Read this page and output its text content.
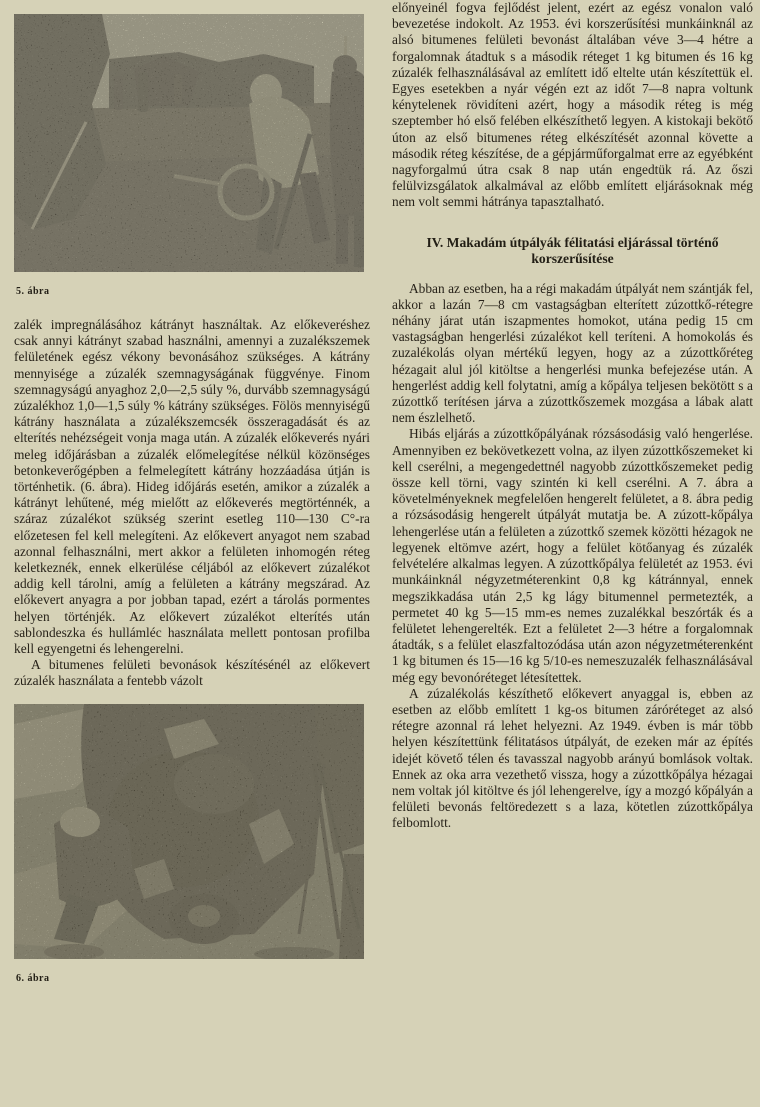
5. ábra

zalék impregnálásához kátrányt használtak. Az előkeveréshez csak annyi kátrányt szabad használni, amennyi a zuzalékszemek felületének egész vékony bevonásához szükséges. A kátrány mennyisége a zúzalék szemnagyságának függvénye. Finom szemnagyságú anyaghoz 2,0—2,5 súly %, durvább szemnagyságú zúzalékhoz 1,0—1,5 súly % kátrány szükséges. Fölös mennyiségű kátrány használata a zúzalékszemcsék összeragadását és az elterítés nehézségeit vonja maga után. A zúzalék előkeverés nyári meleg időjárásban a zúzalék előmelegítése nélkül közönséges betonkeverőgépben a felmelegített kátrány hozzáadása útján is történhetik. (6. ábra). Hideg időjárás esetén, amikor a zúzalék a kátrányt lehűtené, még mielőtt az előkeverés megtörténnék, a száraz zúzalékot szükség szerint esetleg 110—130 C°-ra előzetesen fel kell melegíteni. Az előkevert anyagot nem szabad azonnal felhasználni, mert akkor a felületen inhomogén réteg keletkeznék, ennek elkerülése céljából az előkevert zúzalékot addig kell tárolni, amíg a felületen a kátrány megszárad. Az előkevert anyagra a por jobban tapad, ezért a tárolás pormentes helyen történjék. Az előkevert zúzalékot elterítés után sablondeszka és hullámléc használata mellett pontosan profilba kell egyengetni és lehengerelni.

A bitumenes felületi bevonások készítésénél az előkevert zúzalék használata a fentebb vázolt

6. ábra

előnyeinél fogva fejlődést jelent, ezért az egész vonalon való bevezetése indokolt. Az 1953. évi korszerűsítési munkáinknál az alsó bitumenes felületi bevonást általában véve 3—4 hétre a forgalomnak átadtuk s a második réteget 1 kg bitumen és 16 kg zúzalék felhasználásával az említett idő eltelte után készítettük el. Egyes esetekben a nyár végén ezt az időt 7—8 napra voltunk kénytelenek rövidíteni azért, hogy a második réteg is még szeptember hó első felében elkészíthető legyen. A kistokaji bekötő úton az első bitumenes réteg elkészítését azonnal követte a második réteg készítése, de a gépjárműforgalmat erre az egyébként nagyforgalmú útra csak 8 nap után engedtük rá. Az őszi felülvizsgálatok alkalmával az előbb említett eljárásoknak még nem volt semmi hátránya tapasztalható.

IV. Makadám útpályák félitatási eljárással történő korszerűsítése

Abban az esetben, ha a régi makadám útpályát nem szántják fel, akkor a lazán 7—8 cm vastagságban elterített zúzottkő-rétegre néhány járat után iszapmentes homokot, utána pedig 15 cm vastagságban hengerlési zúzalékot kell teríteni. A homokolás és zuzalékolás olyan mértékű legyen, hogy az a zúzottkőréteg hézagait alul jól kitöltse a hengerlési munka befejezése után. A hengerlést addig kell folytatni, amíg a kőpálya teljesen bekötött s a zúzottkő terítésen járva a zúzottkőszemek mozgása a lábak alatt nem észlelhető.

Hibás eljárás a zúzottkőpályának rózsásodásig való hengerlése. Amennyiben ez bekövetkezett volna, az ilyen zúzottkőszemeket ki kell cserélni, a megengedettnél nagyobb zúzottkőszemeket pedig össze kell törni, vagy szintén ki kell cserélni. A 7. ábra a követelményeknek megfelelően hengerelt felületet, a 8. ábra pedig a rózsásodásig hengerelt útpályát mutatja be. A zúzott-kőpálya lehengerlése után a felületen a zúzottkő szemek közötti hézagok ne legyenek eltömve azért, hogy a felület kötőanyag és zúzalék felvételére alkalmas legyen. A zúzottkőpálya felületét az 1953. évi munkáinknál négyzetméterenkint 0,8 kg kátránnyal, ennek megszikkadása után 2,5 kg lágy bitumennel permetezték, a permetet 40 kg 5—15 mm-es nemes zuzalékkal beszórták és a felületet lehengerelték. Ezt a felületet 2—3 hétre a forgalomnak átadták, s a felület elaszfaltozódása után azon négyzetméterenként 1 kg bitumen és 15—16 kg 5/10-es nemeszuzalék felhasználásával még egy bevonóréteget létesítettek.

A zúzalékolás készíthető előkevert anyaggal is, ebben az esetben az előbb említett 1 kg-os bitumen záróréteget az alsó rétegre azonnal rá lehet helyezni. Az 1949. évben is már több helyen készítettünk félitatásos útpályát, de ezeken már az építés idejét követő télen és tavasszal nagyobb arányú bomlások voltak. Ennek az oka arra vezethető vissza, hogy a zúzottkőpálya hézagai nem voltak jól kitöltve és jól lehengerelve, így a mozgó kőpályán a felületi bevonás feltöredezett s a laza, kötetlen zúzottkőpálya felbomlott.
